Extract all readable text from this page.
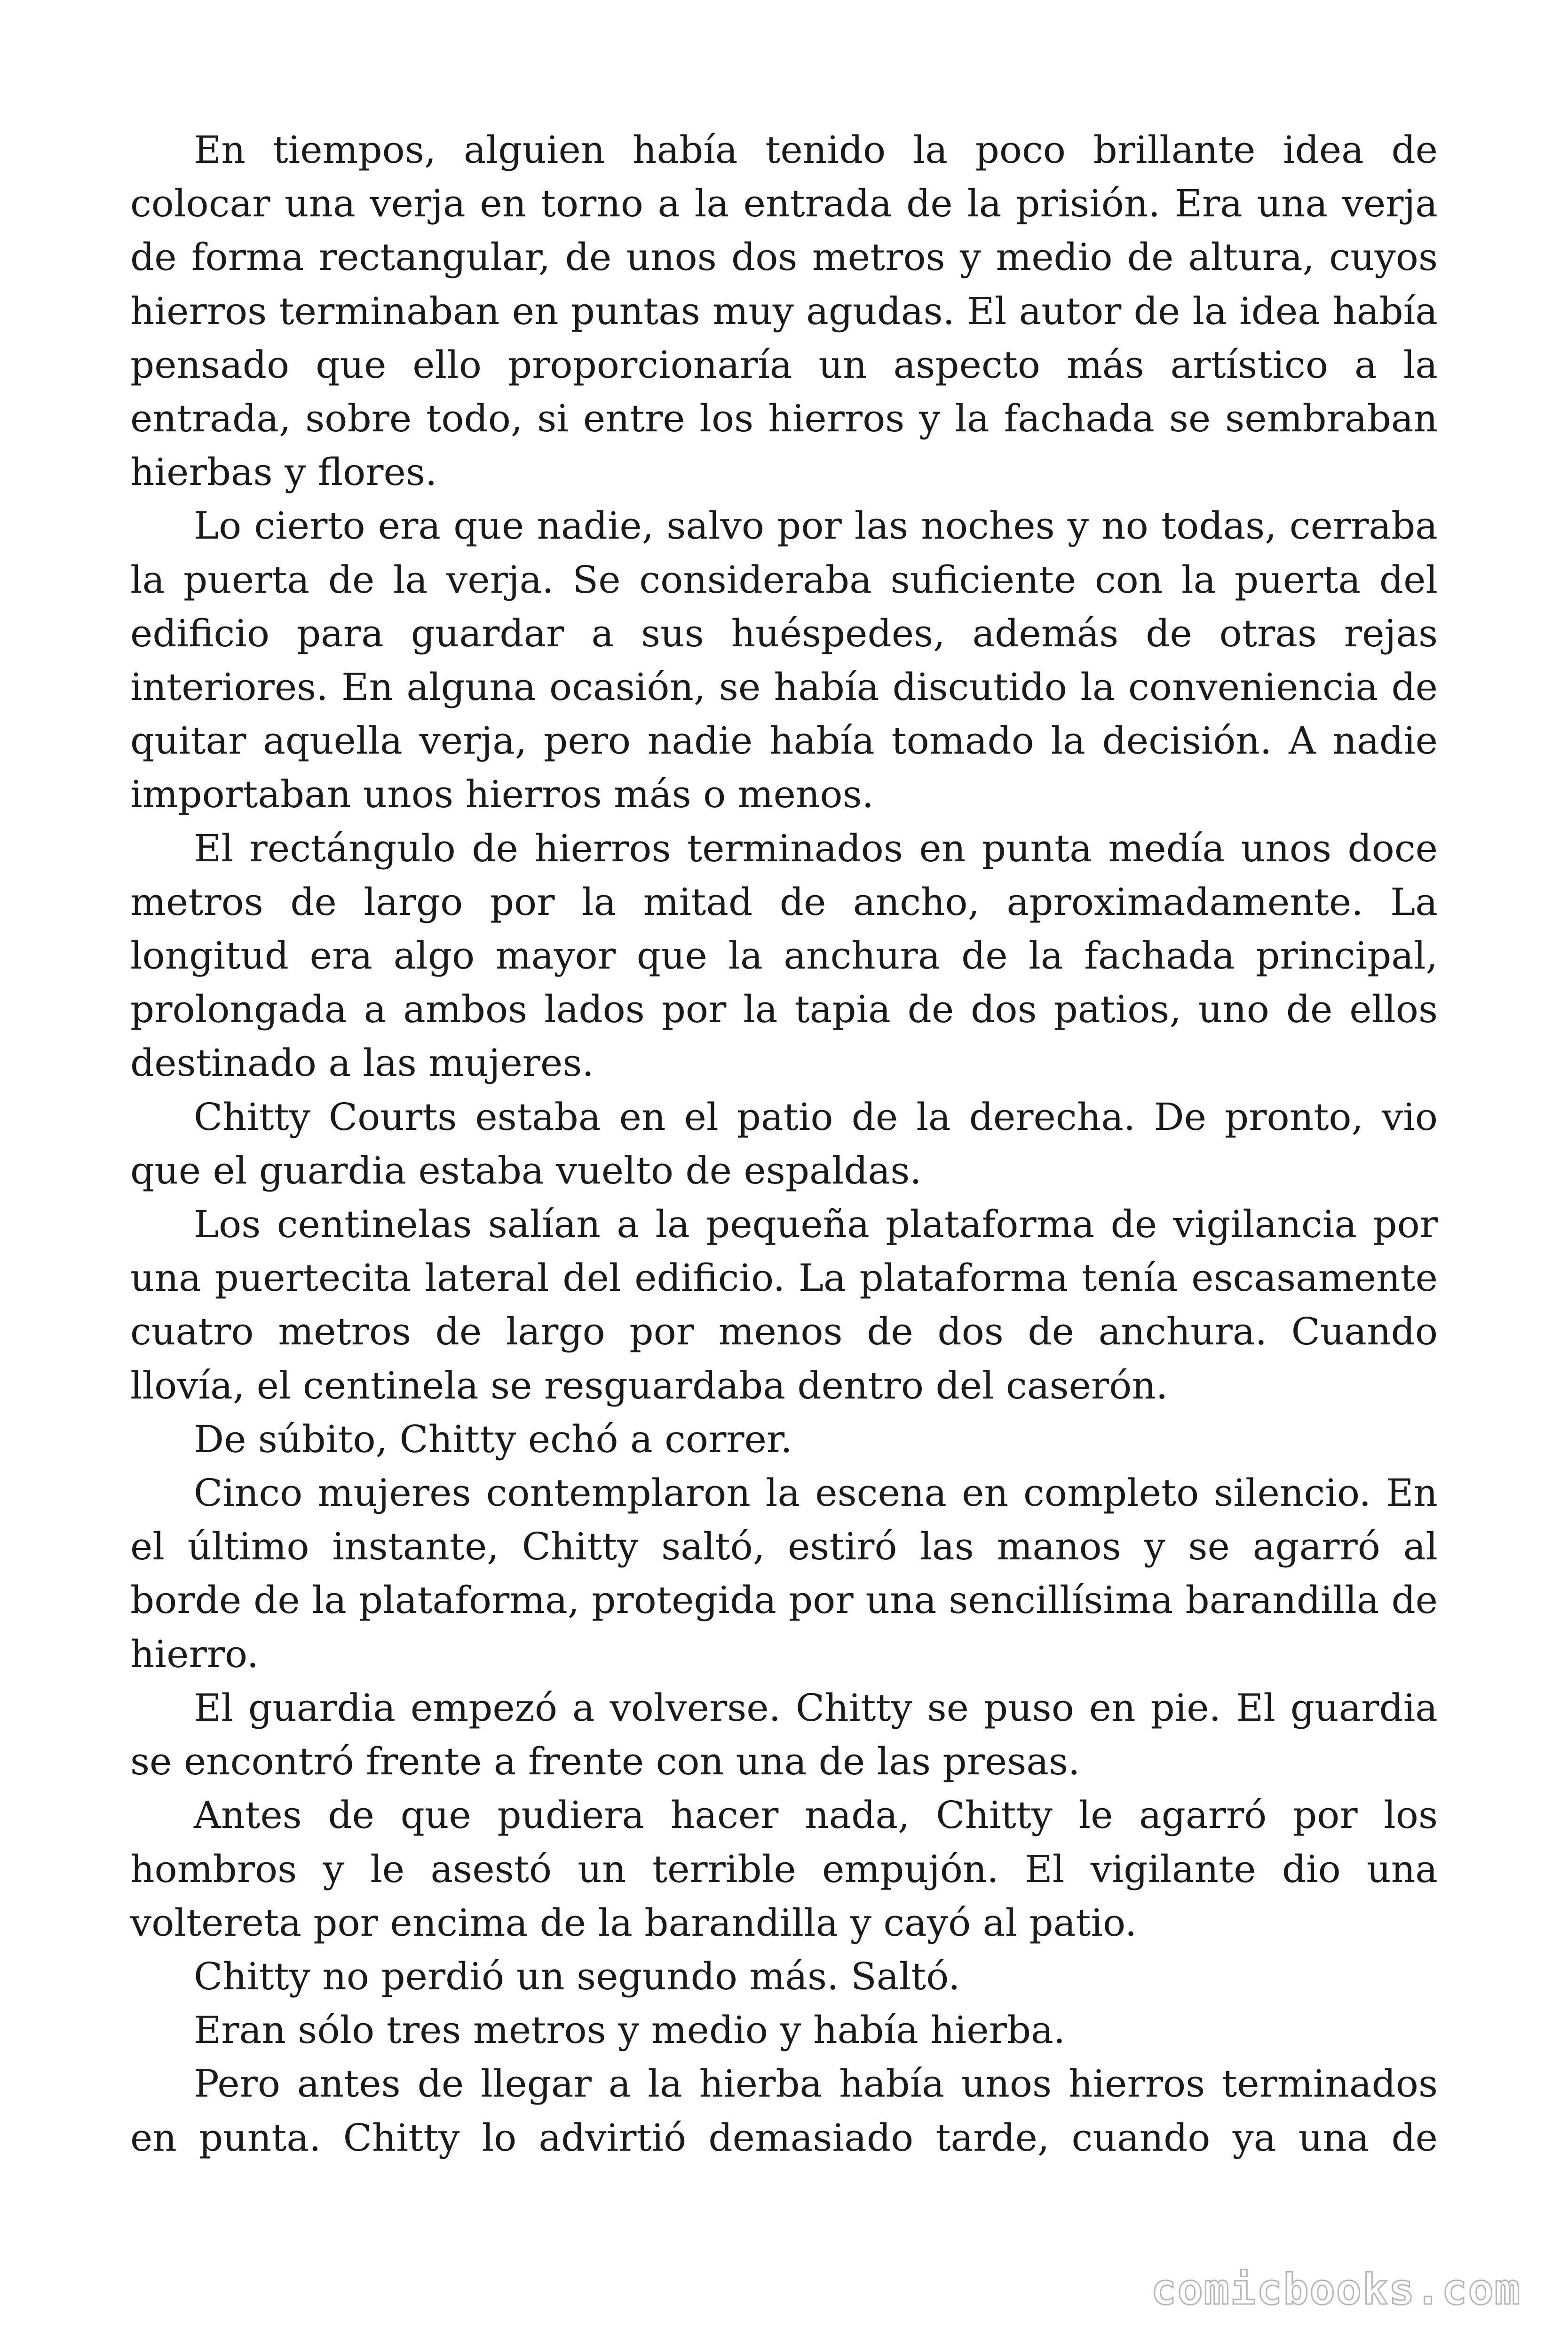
En tiempos, alguien había tenido la poco brillante idea de colocar una verja en torno a la entrada de la prisión. Era una verja de forma rectangular, de unos dos metros y medio de altura, cuyos hierros terminaban en puntas muy agudas. El autor de la idea había pensado que ello proporcionaría un aspecto más artístico a la entrada, sobre todo, si entre los hierros y la fachada se sembraban hierbas y flores.

Lo cierto era que nadie, salvo por las noches y no todas, cerraba la puerta de la verja. Se consideraba suficiente con la puerta del edificio para guardar a sus huéspedes, además de otras rejas interiores. En alguna ocasión, se había discutido la conveniencia de quitar aquella verja, pero nadie había tomado la decisión. A nadie importaban unos hierros más o menos.

El rectángulo de hierros terminados en punta medía unos doce metros de largo por la mitad de ancho, aproximadamente. La longitud era algo mayor que la anchura de la fachada principal, prolongada a ambos lados por la tapia de dos patios, uno de ellos destinado a las mujeres.

Chitty Courts estaba en el patio de la derecha. De pronto, vio que el guardia estaba vuelto de espaldas.

Los centinelas salían a la pequeña plataforma de vigilancia por una puertecita lateral del edificio. La plataforma tenía escasamente cuatro metros de largo por menos de dos de anchura. Cuando llovía, el centinela se resguardaba dentro del caserón.

De súbito, Chitty echó a correr.

Cinco mujeres contemplaron la escena en completo silencio. En el último instante, Chitty saltó, estiró las manos y se agarró al borde de la plataforma, protegida por una sencillísima barandilla de hierro.

El guardia empezó a volverse. Chitty se puso en pie. El guardia se encontró frente a frente con una de las presas.

Antes de que pudiera hacer nada, Chitty le agarró por los hombros y le asestó un terrible empujón. El vigilante dio una voltereta por encima de la barandilla y cayó al patio.

Chitty no perdió un segundo más. Saltó.

Eran sólo tres metros y medio y había hierba.

Pero antes de llegar a la hierba había unos hierros terminados en punta. Chitty lo advirtió demasiado tarde, cuando ya una de

comicbooks.com
